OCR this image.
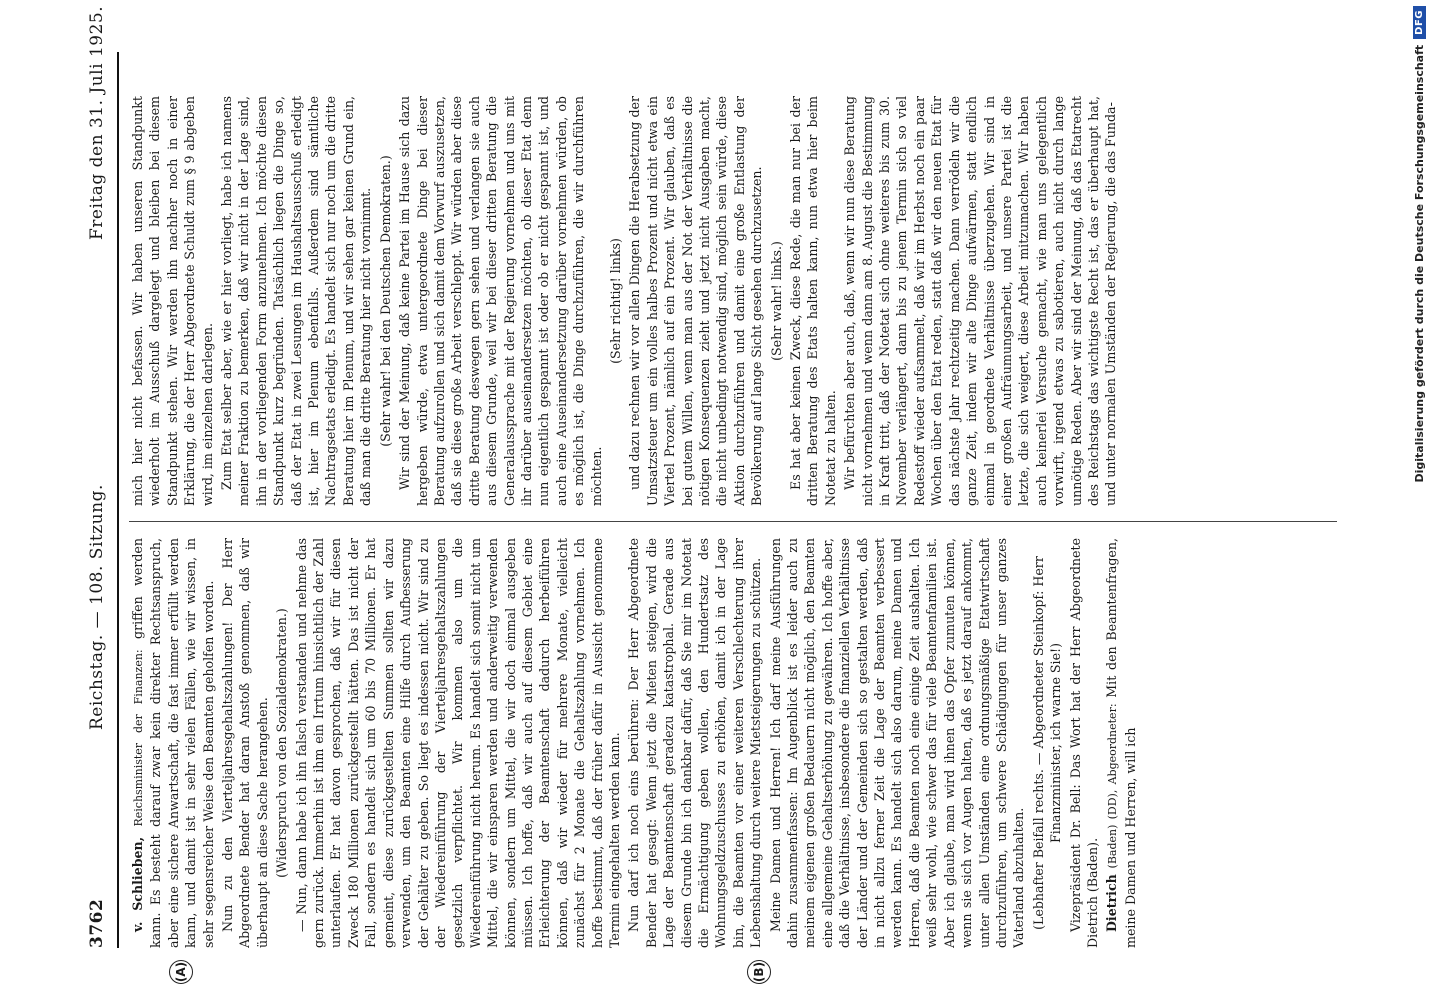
3762
Reichstag. — 108. Sitzung.
Freitag den 31. Juli 1925.
(A)	(B)

v. Schlieben, Reichsminister der Finanzen: griffen werden kann. Es besteht darauf zwar kein direkter Rechtsanspruch, aber eine sichere Anwartschaft, die fast immer erfüllt werden kann, und damit ist in sehr vielen Fällen, wie wir wissen, in sehr segensreicher Weise den Beamten geholfen worden. Nun zu den Vierteljahresgehaltszahlungen! Der Herr Abgeordnete Bender hat daran Anstoß genommen, daß wir überhaupt an diese Sache herangehen. (Widerspruch von den Sozialdemokraten.) — Nun, dann habe ich ihn falsch verstanden und nehme das gern zurück. Immerhin ist ihm ein Irrtum hinsichtlich der Zahl unterlaufen. Er hat davon gesprochen, daß wir für diesen Zweck 180 Millionen zurückgestellt hätten. Das ist nicht der Fall, sondern es handelt sich um 60 bis 70 Millionen. Er hat gemeint, diese zurückgestellten Summen sollten wir dazu verwenden, um den Beamten eine Hilfe durch Aufbesserung der Gehälter zu geben. So liegt es indessen nicht. Wir sind zu der Wiedereinführung der Vierteljahresgehaltszahlungen gesetzlich verpflichtet. Wir kommen also um die Wiedereinführung nicht herum. Es handelt sich somit nicht um Mittel, die wir einsparen werden und anderweitig verwenden können, sondern um Mittel, die wir doch einmal ausgeben müssen. Ich hoffe, daß wir auch auf diesem Gebiet eine Erleichterung der Beamtenschaft dadurch herbeiführen können, daß wir wieder für mehrere Monate, vielleicht zunächst für 2 Monate die Gehaltszahlung vornehmen. Ich hoffe bestimmt, daß der früher dafür in Aussicht genommene Termin eingehalten werden kann. Nun darf ich noch eins berühren: Der Herr Abgeordnete Bender hat gesagt: Wenn jetzt die Mieten steigen, wird die Lage der Beamtenschaft geradezu katastrophal. Gerade aus diesem Grunde bin ich dankbar dafür, daß Sie mir im Notetat die Ermächtigung geben wollen, den Hundertsatz des Wohnungsgeldzuschusses zu erhöhen, damit ich in der Lage bin, die Beamten vor einer weiteren Verschlechterung ihrer Lebenshaltung durch weitere Mietsteigerungen zu schützen. Meine Damen und Herren! Ich darf meine Ausführungen dahin zusammenfassen: Im Augenblick ist es leider auch zu meinem eigenen großen Bedauern nicht möglich, den Beamten eine allgemeine Gehaltserhöhung zu gewähren. Ich hoffe aber, daß die Verhältnisse, insbesondere die finanziellen Verhältnisse der Länder und der Gemeinden sich so gestalten werden, daß in nicht allzu ferner Zeit die Lage der Beamten verbessert werden kann. Es handelt sich also darum, meine Damen und Herren, daß die Beamten noch eine einige Zeit aushalten. Ich weiß sehr wohl, wie schwer das für viele Beamtenfamilien ist. Aber ich glaube, man wird ihnen das Opfer zumuten können, wenn sie sich vor Augen halten, daß es jetzt darauf ankommt, unter allen Umständen eine ordnungsmäßige Etatwirtschaft durchzuführen, um schwere Schädigungen für unser ganzes Vaterland abzuhalten. (Lebhafter Beifall rechts. — Abgeordneter Steinkopf: Herr Finanzminister, ich warne Sie!) Vizepräsident Dr. Bell: Das Wort hat der Herr Abgeordnete Dietrich (Baden). Dietrich (Baden) (DD), Abgeordneter: Mit den Beamtenfragen, meine Damen und Herren, will ich

mich hier nicht befassen. Wir haben unseren Standpunkt wiederholt im Ausschuß dargelegt und bleiben bei diesem Standpunkt stehen. Wir werden ihn nachher noch in einer Erklärung, die der Herr Abgeordnete Schuldt zum § 9 abgeben wird, im einzelnen darlegen. Zum Etat selber aber, wie er hier vorliegt, habe ich namens meiner Fraktion zu bemerken, daß wir nicht in der Lage sind, ihn in der vorliegenden Form anzunehmen. Ich möchte diesen Standpunkt kurz begründen. Tatsächlich liegen die Dinge so, daß der Etat in zwei Lesungen im Haushaltsausschuß erledigt ist, hier im Plenum ebenfalls. Außerdem sind sämtliche Nachtragsetats erledigt. Es handelt sich nur noch um die dritte Beratung hier im Plenum, und wir sehen gar keinen Grund ein, daß man die dritte Beratung hier nicht vornimmt. (Sehr wahr! bei den Deutschen Demokraten.) Wir sind der Meinung, daß keine Partei im Hause sich dazu hergeben würde, etwa untergeordnete Dinge bei dieser Beratung aufzurollen und sich damit dem Vorwurf auszusetzen, daß sie diese große Arbeit verschleppt. Wir würden aber diese dritte Beratung deswegen gern sehen und verlangen sie auch aus diesem Grunde, weil wir bei dieser dritten Beratung die Generalaussprache mit der Regierung vornehmen und uns mit ihr darüber auseinandersetzen möchten, ob dieser Etat denn nun eigentlich gespannt ist oder ob er nicht gespannt ist, und auch eine Auseinandersetzung darüber vornehmen würden, ob es möglich ist, die Dinge durchzuführen, die wir durchführen möchten.

(Sehr richtig! links) und dazu rechnen wir vor allen Dingen die Herabsetzung der Umsatzsteuer um ein volles halbes Prozent und nicht etwa ein Viertel Prozent, nämlich auf ein Prozent. Wir glauben, daß es bei gutem Willen, wenn man aus der Not der Verhältnisse die nötigen Konsequenzen zieht und jetzt nicht Ausgaben macht, die nicht unbedingt notwendig sind, möglich sein würde, diese Aktion durchzuführen und damit eine große Entlastung der Bevölkerung auf lange Sicht gesehen durchzusetzen. (Sehr wahr! links.) Es hat aber keinen Zweck, diese Rede, die man nur bei der dritten Beratung des Etats halten kann, nun etwa hier beim Notetat zu halten. Wir befürchten aber auch, daß, wenn wir nun diese Beratung nicht vornehmen und wenn dann am 8. August die Bestimmung in Kraft tritt, daß der Notetat sich ohne weiteres bis zum 30. November verlängert, dann bis zu jenem Termin sich so viel Redestoff wieder aufsammelt, daß wir im Herbst noch ein paar Wochen über den Etat reden, statt daß wir den neuen Etat für das nächste Jahr rechtzeitig machen. Dann verrödeln wir die ganze Zeit, indem wir alte Dinge aufwärmen, statt endlich einmal in geordnete Verhältnisse überzugehen. Wir sind in einer großen Aufräumungsarbeit, und unsere Partei ist die letzte, die sich weigert, diese Arbeit mitzumachen. Wir haben auch keinerlei Versuche gemacht, wie man uns gelegentlich vorwirft, irgend etwas zu sabotieren, auch nicht durch lange unnötige Reden. Aber wir sind der Meinung, daß das Etatrecht des Reichstags das wichtigste Recht ist, das er überhaupt hat, und unter normalen Umständen der Regierung, die das Funda-	Digitalisierung gefördert durch die Deutsche Forschungsgemeinschaft
DFG
